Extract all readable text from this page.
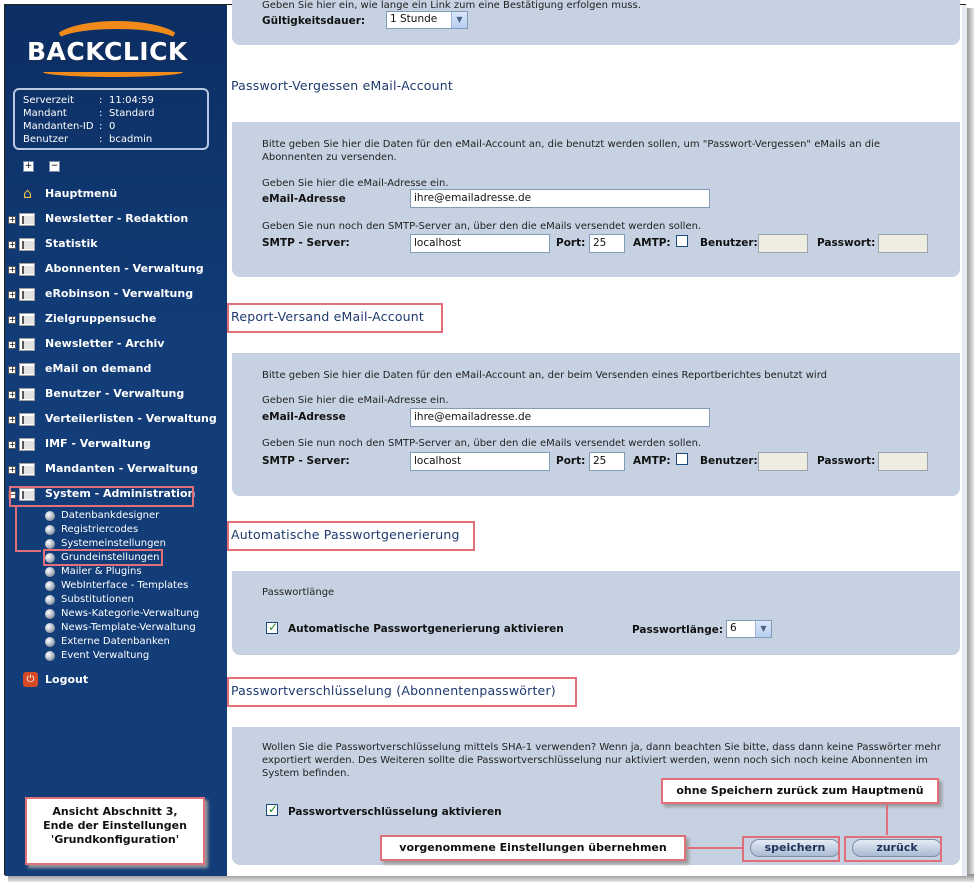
BACKCLICK
Serverzeit	: 11:04:59
Mandant	: Standard
Mandanten-ID : 0
Benutzer	: bcadmin
+ −
⌂ Hauptmenü
+	Newsletter - Redaktion
+	Statistik
+	Abonnenten - Verwaltung
+	eRobinson - Verwaltung
+	Zielgruppensuche
+	Newsletter - Archiv
+	eMail on demand
+	Benutzer - Verwaltung
+	Verteilerlisten - Verwaltung
+	IMF - Verwaltung
+	Mandanten - Verwaltung
−	System - Administration
Datenbankdesigner
Registriercodes
Systemeinstellungen
Grundeinstellungen
Mailer & Plugins
WebInterface - Templates
Substitutionen
News-Kategorie-Verwaltung
News-Template-Verwaltung
Externe Datenbanken
Event Verwaltung
⏻ Logout
Geben Sie hier ein, wie lange ein Link zum eine Bestätigung erfolgen muss.
Gültigkeitsdauer:	1 Stunde	▼
Passwort-Vergessen eMail-Account
Bitte geben Sie hier die Daten für den eMail-Account an, die benutzt werden sollen, um "Passwort-Vergessen" eMails an die Abonnenten zu versenden.
Geben Sie hier die eMail-Adresse ein.
eMail-Adresse	ihre@emailadresse.de
Geben Sie nun noch den SMTP-Server an, über den die eMails versendet werden sollen.
SMTP - Server:	localhost	Port: 25	AMTP:	Benutzer:	Passwort:
Report-Versand eMail-Account
Bitte geben Sie hier die Daten für den eMail-Account an, der beim Versenden eines Reportberichtes benutzt wird
Geben Sie hier die eMail-Adresse ein.
eMail-Adresse	ihre@emailadresse.de
Geben Sie nun noch den SMTP-Server an, über den die eMails versendet werden sollen.
SMTP - Server:	localhost	Port: 25	AMTP:	Benutzer:	Passwort:
Automatische Passwortgenerierung
Passwortlänge
✓
Automatische Passwortgenerierung aktivieren	Passwortlänge: 6	▼
Passwortverschlüsselung (Abonnentenpasswörter)
Wollen Sie die Passwortverschlüsselung mittels SHA-1 verwenden? Wenn ja, dann beachten Sie bitte, dass dann keine Passwörter mehr exportiert werden. Des Weiteren sollte die Passwortverschlüsselung nur aktiviert werden, wenn noch sich noch keine Abonnenten im System befinden.
✓
Passwortverschlüsselung aktivieren
speichern	zurück
Ansicht Abschnitt 3,
Ende der Einstellungen
'Grundkonfiguration'
ohne Speichern zurück zum Hauptmenü
vorgenommene Einstellungen übernehmen
